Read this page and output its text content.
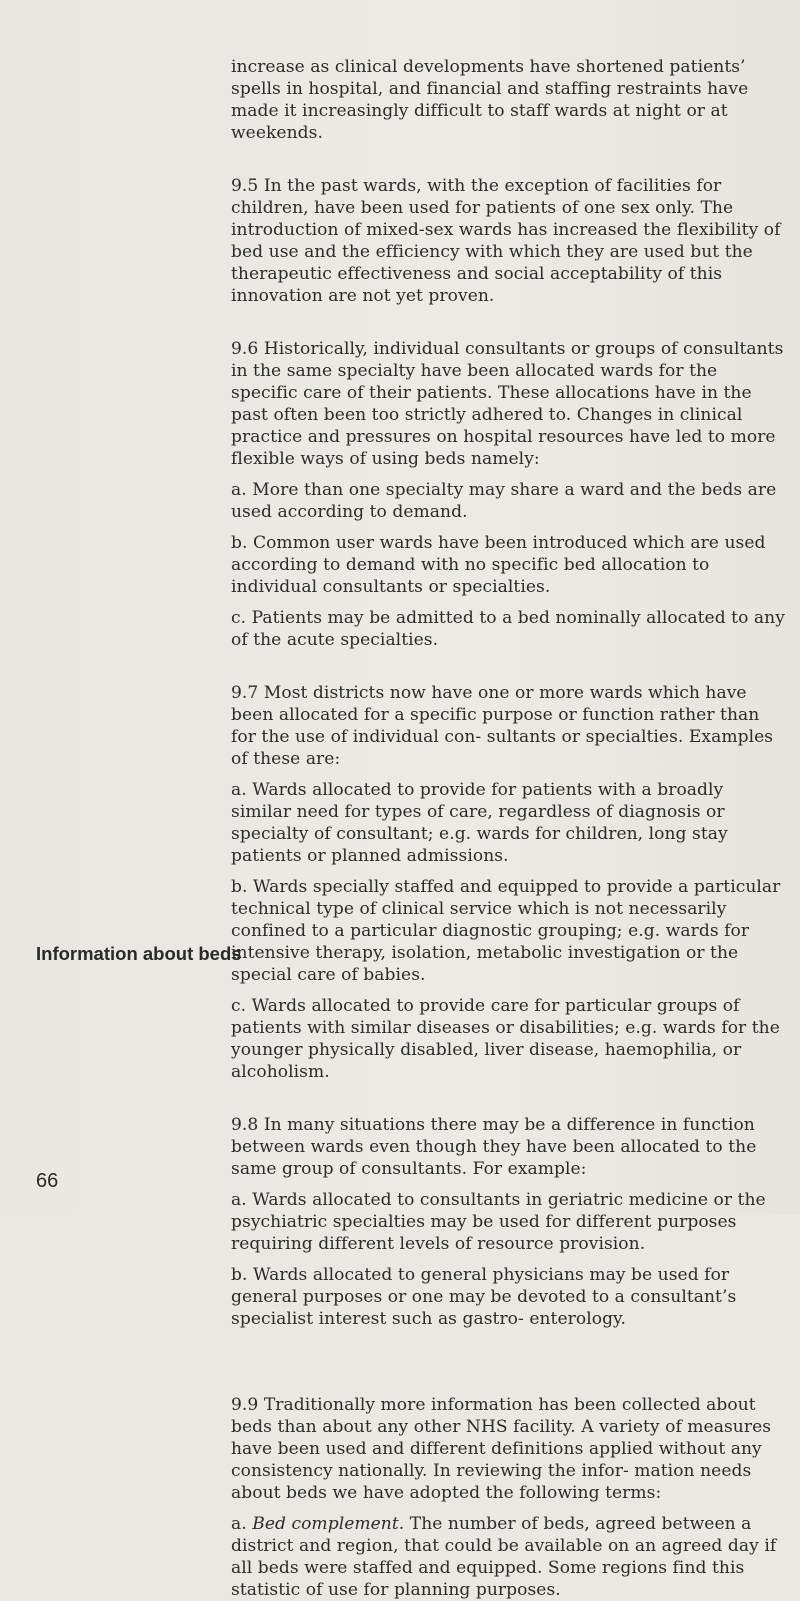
Information about beds
66

increase as clinical developments have shortened patients’ spells in hospital, and financial and staffing restraints have made it increasingly difficult to staff wards at night or at weekends.

9.5 In the past wards, with the exception of facilities for children, have been used for patients of one sex only. The introduction of mixed-sex wards has increased the flexibility of bed use and the efficiency with which they are used but the therapeutic effectiveness and social acceptability of this innovation are not yet proven.

9.6 Historically, individual consultants or groups of consultants in the same specialty have been allocated wards for the specific care of their patients. These allocations have in the past often been too strictly adhered to. Changes in clinical practice and pressures on hospital resources have led to more flexible ways of using beds namely:

a. More than one specialty may share a ward and the beds are used according to demand.

b. Common user wards have been introduced which are used according to demand with no specific bed allocation to individual consultants or specialties.

c. Patients may be admitted to a bed nominally allocated to any of the acute specialties.

9.7 Most districts now have one or more wards which have been allocated for a specific purpose or function rather than for the use of individual con- sultants or specialties. Examples of these are:

a. Wards allocated to provide for patients with a broadly similar need for types of care, regardless of diagnosis or specialty of consultant; e.g. wards for children, long stay patients or planned admissions.

b. Wards specially staffed and equipped to provide a particular technical type of clinical service which is not necessarily confined to a particular diagnostic grouping; e.g. wards for intensive therapy, isolation, metabolic investigation or the special care of babies.

c. Wards allocated to provide care for particular groups of patients with similar diseases or disabilities; e.g. wards for the younger physically disabled, liver disease, haemophilia, or alcoholism.

9.8 In many situations there may be a difference in function between wards even though they have been allocated to the same group of consultants. For example:

a. Wards allocated to consultants in geriatric medicine or the psychiatric specialties may be used for different purposes requiring different levels of resource provision.

b. Wards allocated to general physicians may be used for general purposes or one may be devoted to a consultant’s specialist interest such as gastro- enterology.

9.9 Traditionally more information has been collected about beds than about any other NHS facility. A variety of measures have been used and different definitions applied without any consistency nationally. In reviewing the infor- mation needs about beds we have adopted the following terms:

a. Bed complement. The number of beds, agreed between a district and region, that could be available on an agreed day if all beds were staffed and equipped. Some regions find this statistic of use for planning purposes.
